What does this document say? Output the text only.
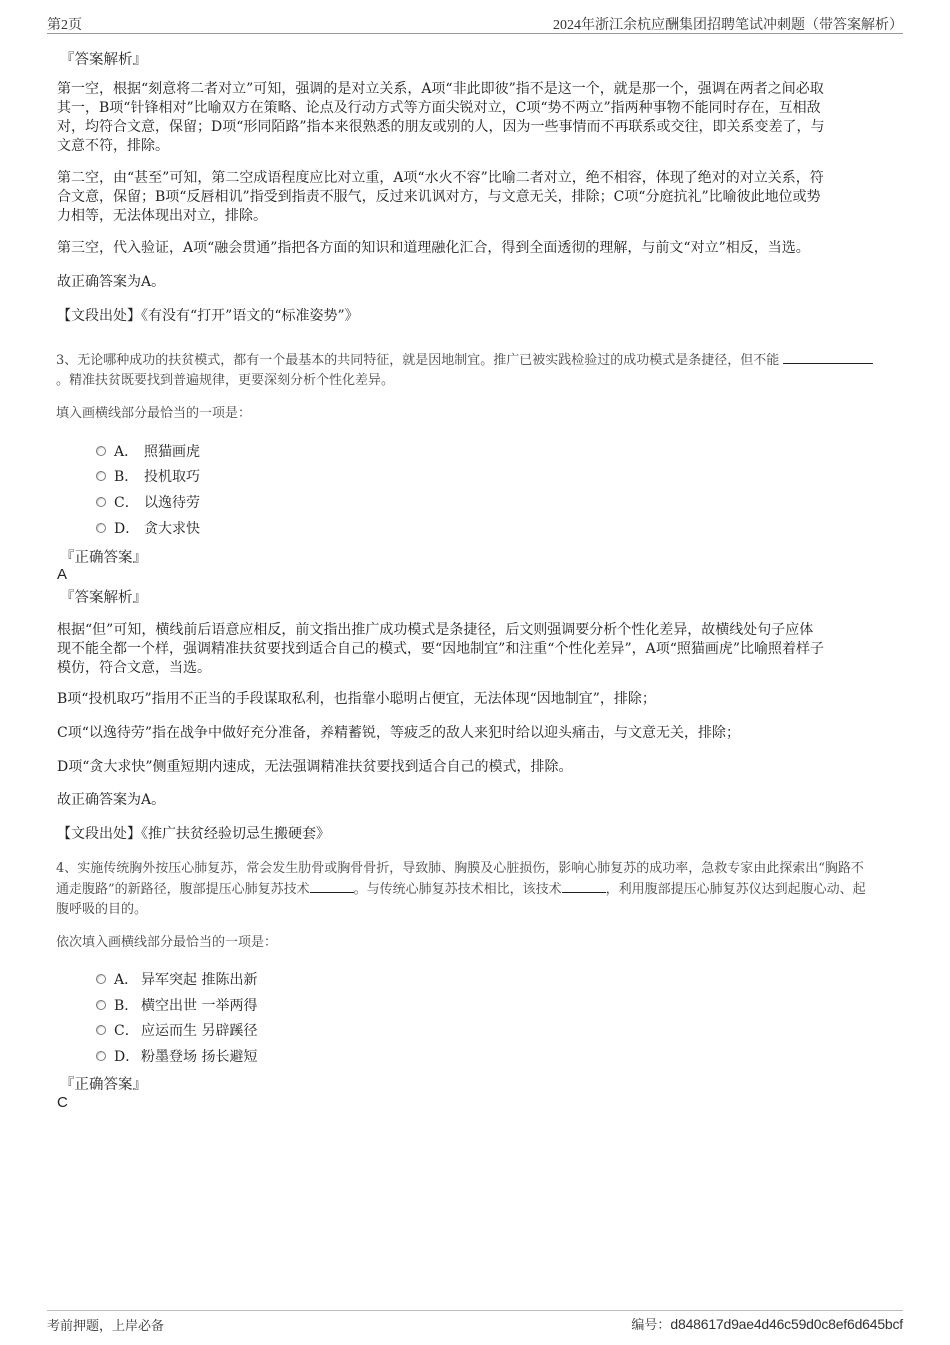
第2页	2024年浙江余杭应酬集团招聘笔试冲刺题（带答案解析）
『答案解析』
第一空，根据“刻意将二者对立”可知，强调的是对立关系，A项“非此即彼”指不是这一个，就是那一个，强调在两者之间必取
其一，B项“针锋相对”比喻双方在策略、论点及行动方式等方面尖锐对立，C项“势不两立”指两种事物不能同时存在，互相敌
对，均符合文意，保留；D项“形同陌路”指本来很熟悉的朋友或别的人，因为一些事情而不再联系或交往，即关系变差了，与
文意不符，排除。
第二空，由“甚至”可知，第二空成语程度应比对立重，A项“水火不容”比喻二者对立，绝不相容，体现了绝对的对立关系，符
合文意，保留；B项“反唇相讥”指受到指责不服气，反过来讥讽对方，与文意无关，排除；C项“分庭抗礼”比喻彼此地位或势
力相等，无法体现出对立，排除。
第三空，代入验证，A项“融会贯通”指把各方面的知识和道理融化汇合，得到全面透彻的理解，与前文“对立”相反，当选。
故正确答案为A。
【文段出处】《有没有“打开”语文的“标准姿势”》
3、无论哪种成功的扶贫模式，都有一个最基本的共同特征，就是因地制宜。推广已被实践检验过的成功模式是条捷径，但不能
。精准扶贫既要找到普遍规律，更要深刻分析个性化差异。
填入画横线部分最恰当的一项是：
A． 照猫画虎
B． 投机取巧
C． 以逸待劳
D． 贪大求快
『正确答案』
A
『答案解析』
根据“但”可知，横线前后语意应相反，前文指出推广成功模式是条捷径，后文则强调要分析个性化差异，故横线处句子应体
现不能全都一个样，强调精准扶贫要找到适合自己的模式，要“因地制宜”和注重“个性化差异”，A项“照猫画虎”比喻照着样子
模仿，符合文意，当选。
B项“投机取巧”指用不正当的手段谋取私利，也指靠小聪明占便宜，无法体现“因地制宜”，排除；
C项“以逸待劳”指在战争中做好充分准备，养精蓄锐，等疲乏的敌人来犯时给以迎头痛击，与文意无关，排除；
D项“贪大求快”侧重短期内速成，无法强调精准扶贫要找到适合自己的模式，排除。
故正确答案为A。
【文段出处】《推广扶贫经验切忌生搬硬套》
4、实施传统胸外按压心肺复苏，常会发生肋骨或胸骨骨折，导致肺、胸膜及心脏损伤，影响心肺复苏的成功率，急救专家由此探索出“胸路不
通走腹路”的新路径，腹部提压心肺复苏技术	。与传统心肺复苏技术相比，该技术	，利用腹部提压心肺复苏仪达到起腹心动、起
腹呼吸的目的。
依次填入画横线部分最恰当的一项是：
A． 异军突起 推陈出新
B． 横空出世 一举两得
C． 应运而生 另辟蹊径
D． 粉墨登场 扬长避短
『正确答案』
C
考前押题，上岸必备	编号：d848617d9ae4d46c59d0c8ef6d645bcf
